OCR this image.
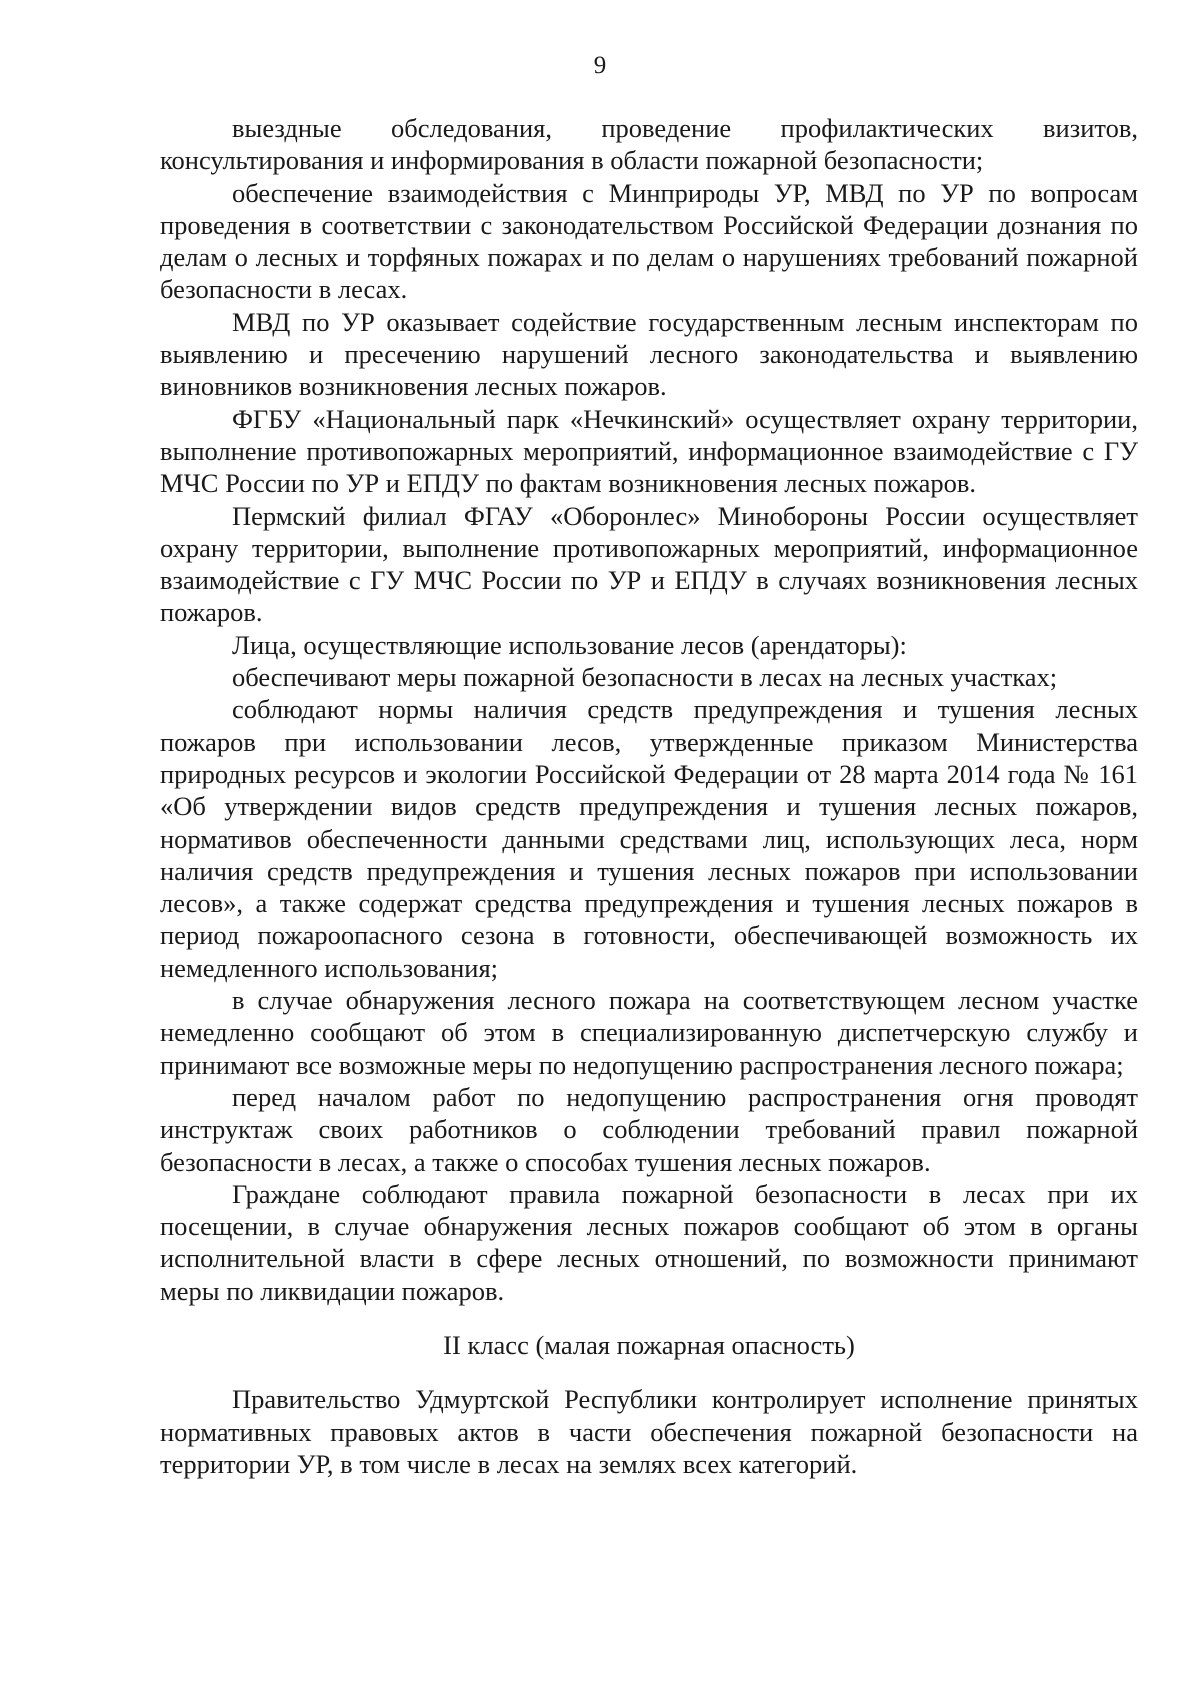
9

выездные обследования, проведение профилактических визитов, консультирования и информирования в области пожарной безопасности;

обеспечение взаимодействия с Минприроды УР, МВД по УР по вопросам проведения в соответствии с законодательством Российской Федерации дознания по делам о лесных и торфяных пожарах и по делам о нарушениях требований пожарной безопасности в лесах.

МВД по УР оказывает содействие государственным лесным инспекторам по выявлению и пресечению нарушений лесного законодательства и выявлению виновников возникновения лесных пожаров.

ФГБУ «Национальный парк «Нечкинский» осуществляет охрану территории, выполнение противопожарных мероприятий, информационное взаимодействие с ГУ МЧС России по УР и ЕПДУ по фактам возникновения лесных пожаров.

Пермский филиал ФГАУ «Оборонлес» Минобороны России осуществляет охрану территории, выполнение противопожарных мероприятий, информационное взаимодействие с ГУ МЧС России по УР и ЕПДУ в случаях возникновения лесных пожаров.

Лица, осуществляющие использование лесов (арендаторы):

обеспечивают меры пожарной безопасности в лесах на лесных участках;

соблюдают нормы наличия средств предупреждения и тушения лесных пожаров при использовании лесов, утвержденные приказом Министерства природных ресурсов и экологии Российской Федерации от 28 марта 2014 года № 161 «Об утверждении видов средств предупреждения и тушения лесных пожаров, нормативов обеспеченности данными средствами лиц, использующих леса, норм наличия средств предупреждения и тушения лесных пожаров при использовании лесов», а также содержат средства предупреждения и тушения лесных пожаров в период пожароопасного сезона в готовности, обеспечивающей возможность их немедленного использования;

в случае обнаружения лесного пожара на соответствующем лесном участке немедленно сообщают об этом в специализированную диспетчерскую службу и принимают все возможные меры по недопущению распространения лесного пожара;

перед началом работ по недопущению распространения огня проводят инструктаж своих работников о соблюдении требований правил пожарной безопасности в лесах, а также о способах тушения лесных пожаров.

Граждане соблюдают правила пожарной безопасности в лесах при их посещении, в случае обнаружения лесных пожаров сообщают об этом в органы исполнительной власти в сфере лесных отношений, по возможности принимают меры по ликвидации пожаров.

II класс (малая пожарная опасность)

Правительство Удмуртской Республики контролирует исполнение принятых нормативных правовых актов в части обеспечения пожарной безопасности на территории УР, в том числе в лесах на землях всех категорий.
